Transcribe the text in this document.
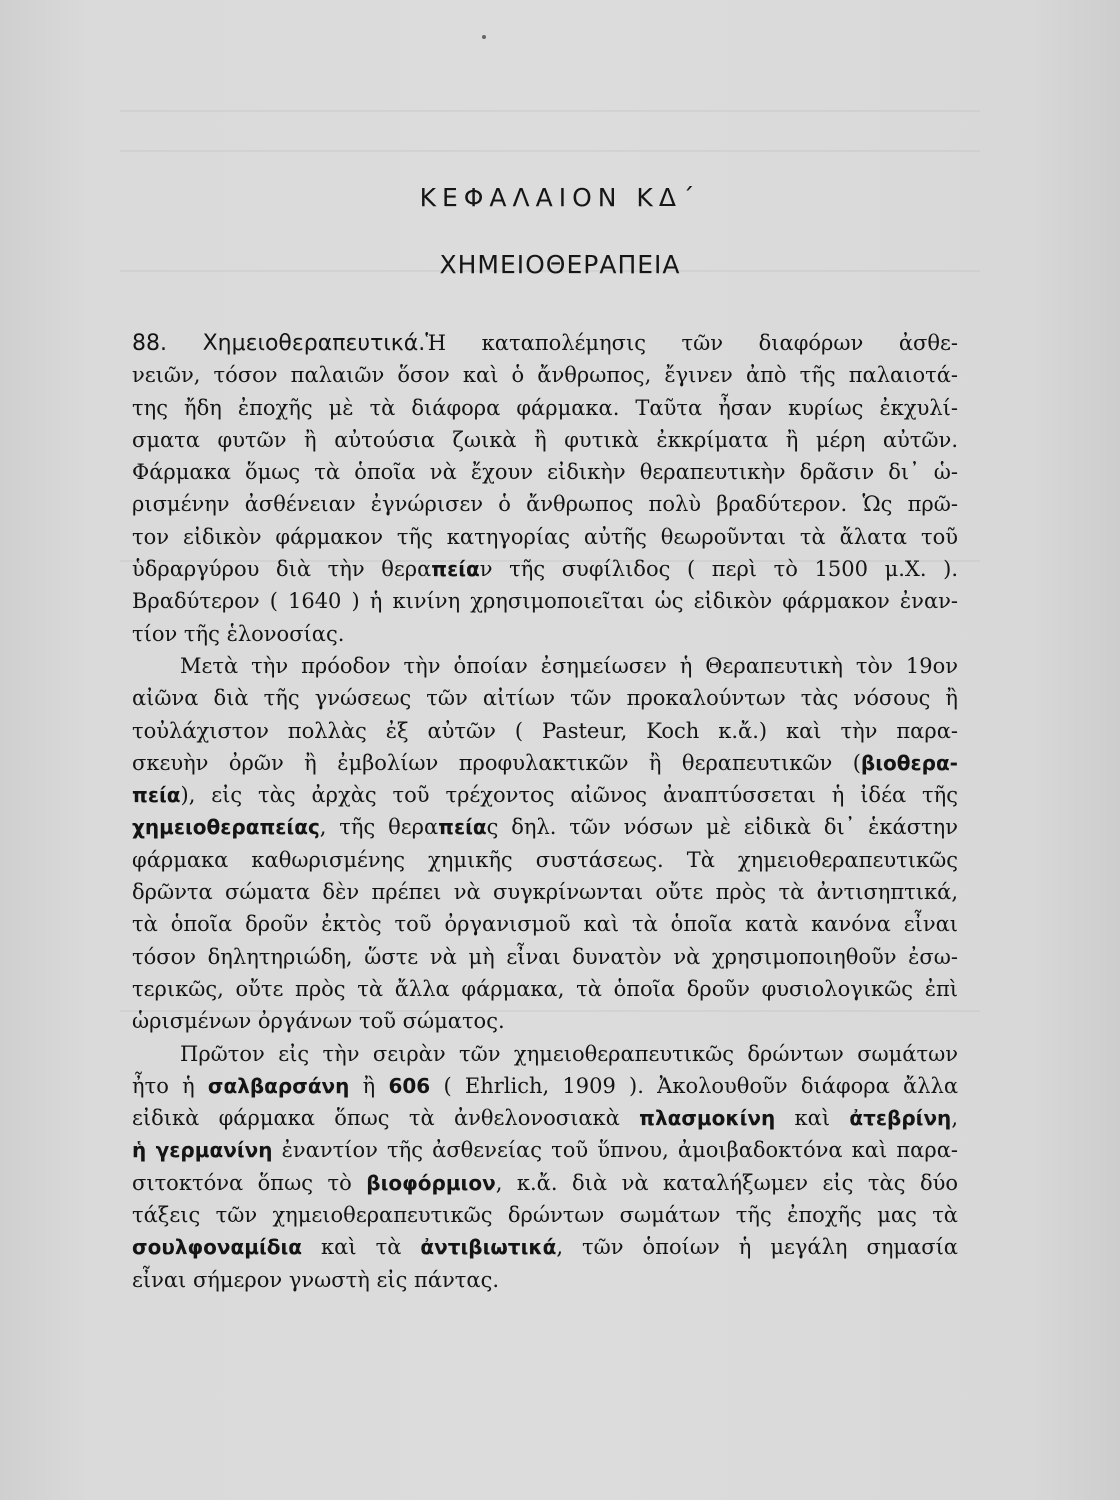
ΚΕΦΑΛΑΙΟΝ ΚΔ΄
ΧΗΜΕΙΟΘΕΡΑΠΕΙΑ
88. Χημειοθεραπευτικά.Ἡ καταπολέμησις τῶν διαφόρων ἀσθε-
νειῶν, τόσον παλαιῶν ὅσον καὶ ὁ ἄνθρωπος, ἔγινεν ἀπὸ τῆς παλαιοτά-
της ἤδη ἐποχῆς μὲ τὰ διάφορα φάρμακα. Ταῦτα ἦσαν κυρίως ἐκχυλί-
σματα φυτῶν ἢ αὐτούσια ζωικὰ ἢ φυτικὰ ἐκκρίματα ἢ μέρη αὐτῶν.
Φάρμακα ὅμως τὰ ὁποῖα νὰ ἔχουν εἰδικὴν θεραπευτικὴν δρᾶσιν δι᾿ ὡ-
ρισμένην ἀσθένειαν ἐγνώρισεν ὁ ἄνθρωπος πολὺ βραδύτερον. Ὡς πρῶ-
τον εἰδικὸν φάρμακον τῆς κατηγορίας αὐτῆς θεωροῦνται τὰ ἄλατα τοῦ
ὑδραργύρου διὰ τὴν θεραπείαν τῆς συφίλιδος ( περὶ τὸ 1500 μ.Χ. ).
Βραδύτερον ( 1640 ) ἡ κινίνη χρησιμοποιεῖται ὡς εἰδικὸν φάρμακον ἐναν-
τίον τῆς ἑλονοσίας.
Μετὰ τὴν πρόοδον τὴν ὁποίαν ἐσημείωσεν ἡ Θεραπευτικὴ τὸν 19ον
αἰῶνα διὰ τῆς γνώσεως τῶν αἰτίων τῶν προκαλούντων τὰς νόσους ἢ
τοὐλάχιστον πολλὰς ἐξ αὐτῶν ( Pasteur, Koch κ.ἄ.) καὶ τὴν παρα-
σκευὴν ὀρῶν ἢ ἐμβολίων προφυλακτικῶν ἢ θεραπευτικῶν (βιοθερα-
πεία), εἰς τὰς ἀρχὰς τοῦ τρέχοντος αἰῶνος ἀναπτύσσεται ἡ ἰδέα τῆς
χημειοθεραπείας, τῆς θεραπείας δηλ. τῶν νόσων μὲ εἰδικὰ δι᾿ ἑκάστην
φάρμακα καθωρισμένης χημικῆς συστάσεως. Τὰ χημειοθεραπευτικῶς
δρῶντα σώματα δὲν πρέπει νὰ συγκρίνωνται οὔτε πρὸς τὰ ἀντισηπτικά,
τὰ ὁποῖα δροῦν ἐκτὸς τοῦ ὀργανισμοῦ καὶ τὰ ὁποῖα κατὰ κανόνα εἶναι
τόσον δηλητηριώδη, ὥστε νὰ μὴ εἶναι δυνατὸν νὰ χρησιμοποιηθοῦν ἐσω-
τερικῶς, οὔτε πρὸς τὰ ἄλλα φάρμακα, τὰ ὁποῖα δροῦν φυσιολογικῶς ἐπὶ
ὡρισμένων ὀργάνων τοῦ σώματος.
Πρῶτον εἰς τὴν σειρὰν τῶν χημειοθεραπευτικῶς δρώντων σωμάτων
ἦτο ἡ σαλβαρσάνη ἢ 606 ( Ehrlich, 1909 ). Ἀκολουθοῦν διάφορα ἄλλα
εἰδικὰ φάρμακα ὅπως τὰ ἀνθελονοσιακὰ πλασμοκίνη καὶ ἀτεβρίνη,
ἡ γερμανίνη ἐναντίον τῆς ἀσθενείας τοῦ ὕπνου, ἀμοιβαδοκτόνα καὶ παρα-
σιτοκτόνα ὅπως τὸ βιοφόρμιον, κ.ἄ. διὰ νὰ καταλήξωμεν εἰς τὰς δύο
τάξεις τῶν χημειοθεραπευτικῶς δρώντων σωμάτων τῆς ἐποχῆς μας τὰ
σουλφοναμίδια καὶ τὰ ἀντιβιωτικά, τῶν ὁποίων ἡ μεγάλη σημασία
εἶναι σήμερον γνωστὴ εἰς πάντας.
